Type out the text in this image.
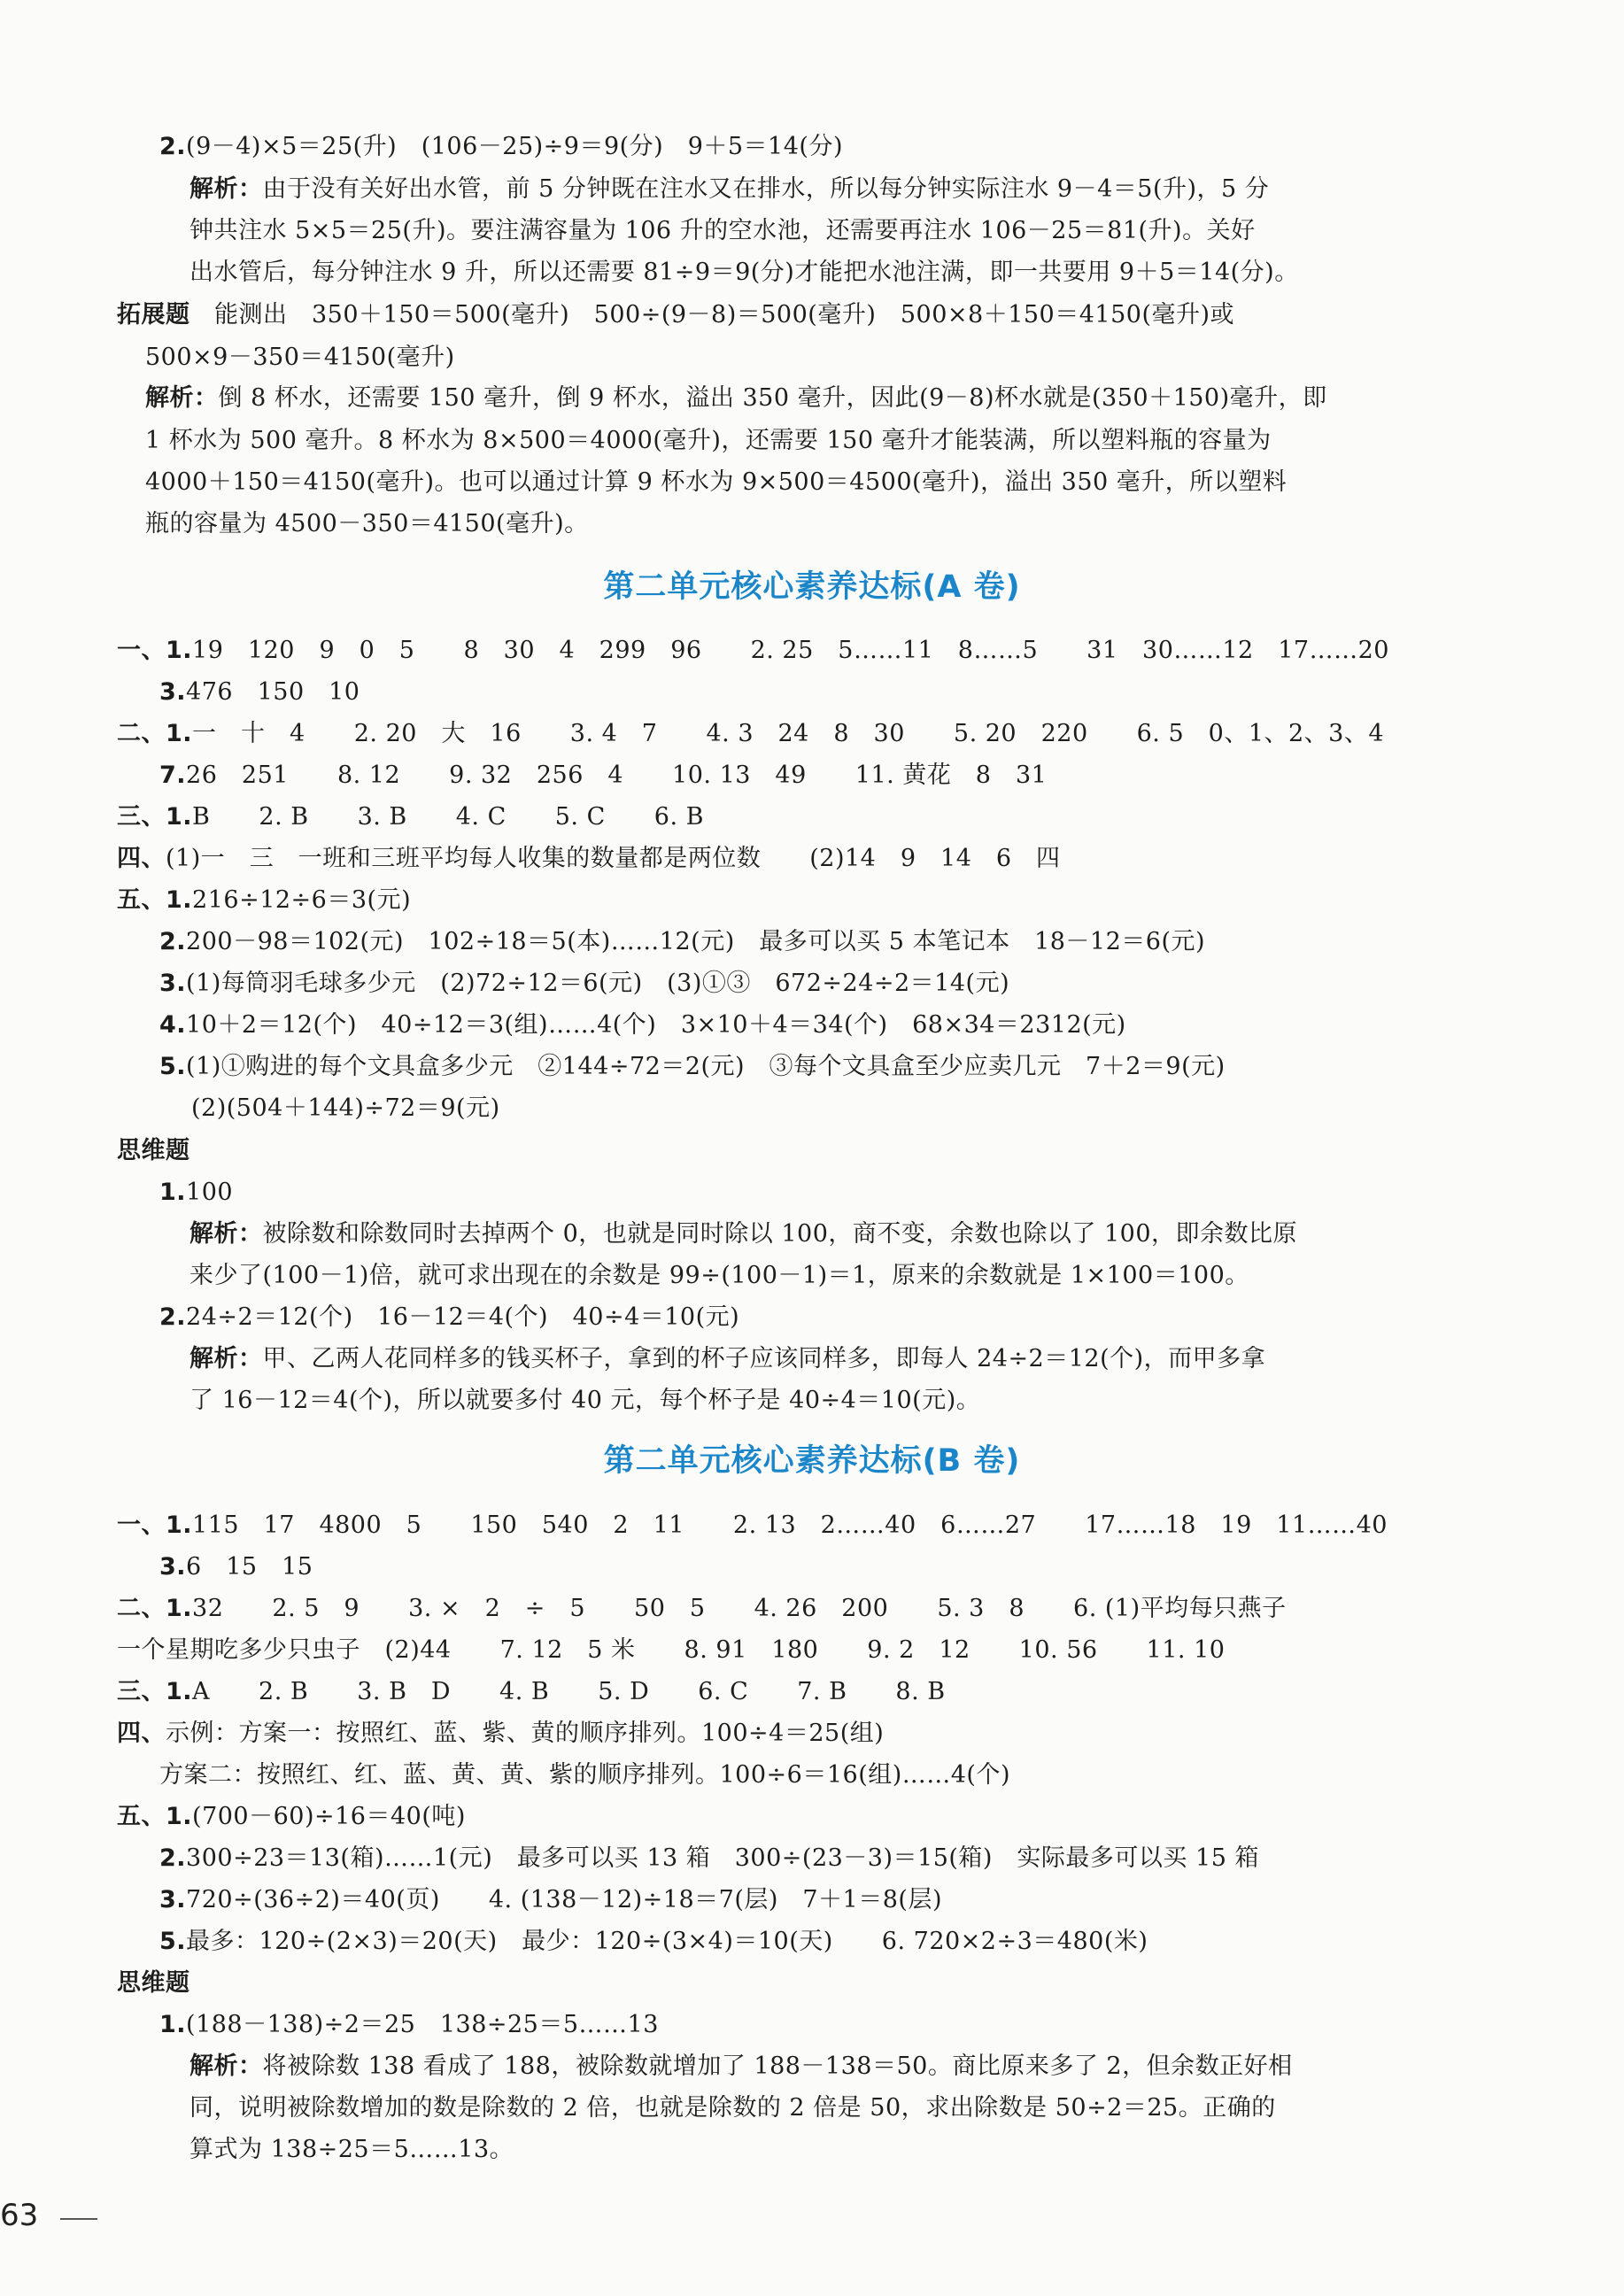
2.(9－4)×5＝25(升)　(106－25)÷9＝9(分)　9＋5＝14(分)
解析：由于没有关好出水管，前 5 分钟既在注水又在排水，所以每分钟实际注水 9－4＝5(升)，5 分
钟共注水 5×5＝25(升)。要注满容量为 106 升的空水池，还需要再注水 106－25＝81(升)。关好
出水管后，每分钟注水 9 升，所以还需要 81÷9＝9(分)才能把水池注满，即一共要用 9＋5＝14(分)。
拓展题　能测出　350＋150＝500(毫升)　500÷(9－8)＝500(毫升)　500×8＋150＝4150(毫升)或
500×9－350＝4150(毫升)
解析：倒 8 杯水，还需要 150 毫升，倒 9 杯水，溢出 350 毫升，因此(9－8)杯水就是(350＋150)毫升，即
1 杯水为 500 毫升。8 杯水为 8×500＝4000(毫升)，还需要 150 毫升才能装满，所以塑料瓶的容量为
4000＋150＝4150(毫升)。也可以通过计算 9 杯水为 9×500＝4500(毫升)，溢出 350 毫升，所以塑料
瓶的容量为 4500－350＝4150(毫升)。
第二单元核心素养达标(A 卷)
一、1.19　120　9　0　5　　8　30　4　299　96　　2. 25　5……11　8……5　　31　30……12　17……20
3.476　150　10
二、1.一　十　4　　2. 20　大　16　　3. 4　7　　4. 3　24　8　30　　5. 20　220　　6. 5　0、1、2、3、4
7.26　251　　8. 12　　9. 32　256　4　　10. 13　49　　11. 黄花　8　31
三、1.B　　2. B　　3. B　　4. C　　5. C　　6. B
四、(1)一　三　一班和三班平均每人收集的数量都是两位数　　(2)14　9　14　6　四
五、1.216÷12÷6＝3(元)
2.200－98＝102(元)　102÷18＝5(本)……12(元)　最多可以买 5 本笔记本　18－12＝6(元)
3.(1)每筒羽毛球多少元　(2)72÷12＝6(元)　(3)①③　672÷24÷2＝14(元)
4.10＋2＝12(个)　40÷12＝3(组)……4(个)　3×10＋4＝34(个)　68×34＝2312(元)
5.(1)①购进的每个文具盒多少元　②144÷72＝2(元)　③每个文具盒至少应卖几元　7＋2＝9(元)
(2)(504＋144)÷72＝9(元)
思维题
1.100
解析：被除数和除数同时去掉两个 0，也就是同时除以 100，商不变，余数也除以了 100，即余数比原
来少了(100－1)倍，就可求出现在的余数是 99÷(100－1)＝1，原来的余数就是 1×100＝100。
2.24÷2＝12(个)　16－12＝4(个)　40÷4＝10(元)
解析：甲、乙两人花同样多的钱买杯子，拿到的杯子应该同样多，即每人 24÷2＝12(个)，而甲多拿
了 16－12＝4(个)，所以就要多付 40 元，每个杯子是 40÷4＝10(元)。
第二单元核心素养达标(B 卷)
一、1.115　17　4800　5　　150　540　2　11　　2. 13　2……40　6……27　　17……18　19　11……40
3.6　15　15
二、1.32　　2. 5　9　　3. ×　2　÷　5　　50　5　　4. 26　200　　5. 3　8　　6. (1)平均每只燕子
一个星期吃多少只虫子　(2)44　　7. 12　5 米　　8. 91　180　　9. 2　12　　10. 56　　11. 10
三、1.A　　2. B　　3. B　D　　4. B　　5. D　　6. C　　7. B　　8. B
四、示例：方案一：按照红、蓝、紫、黄的顺序排列。100÷4＝25(组)
方案二：按照红、红、蓝、黄、黄、紫的顺序排列。100÷6＝16(组)……4(个)
五、1.(700－60)÷16＝40(吨)
2.300÷23＝13(箱)……1(元)　最多可以买 13 箱　300÷(23－3)＝15(箱)　实际最多可以买 15 箱
3.720÷(36÷2)＝40(页)　　4. (138－12)÷18＝7(层)　7＋1＝8(层)
5.最多：120÷(2×3)＝20(天)　最少：120÷(3×4)＝10(天)　　6. 720×2÷3＝480(米)
思维题
1.(188－138)÷2＝25　138÷25＝5……13
解析：将被除数 138 看成了 188，被除数就增加了 188－138＝50。商比原来多了 2，但余数正好相
同，说明被除数增加的数是除数的 2 倍，也就是除数的 2 倍是 50，求出除数是 50÷2＝25。正确的
算式为 138÷25＝5……13。
63
